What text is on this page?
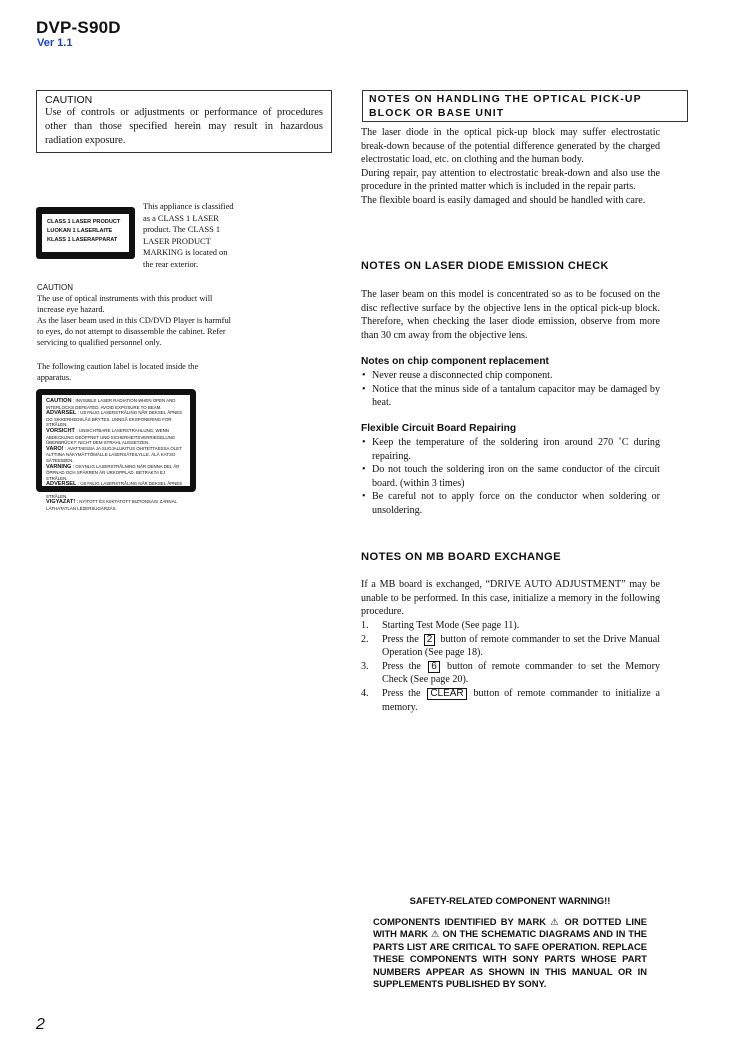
DVP-S90D
Ver 1.1
CAUTION
Use of controls or adjustments or performance of procedures other than those specified herein may result in hazardous radiation exposure.
CLASS 1 LASER PRODUCT
LUOKAN 1 LASERLAITE
KLASS 1 LASERAPPARAT
This appliance is classified as a CLASS 1 LASER product. The CLASS 1 LASER PRODUCT MARKING is located on the rear exterior.
CAUTION
The use of optical instruments with this product will increase eye hazard.
As the laser beam used in this CD/DVD Player is harmful to eyes, do not attempt to disassemble the cabinet. Refer servicing to qualified personnel only.
The following caution label is located inside the apparatus.
CAUTION : INVISIBLE LASER RADIATION WHEN OPEN AND INTERLOCKS DEFEATED. AVOID EXPOSURE TO BEAM.
ADVARSEL : USYNLIG LASERSTRÅLING NÅR DEKSEL ÅPNES OG SIKKERHEDSLÅS BRYTES. UNNGÅ EKSPONERING FOR STRÅLEN.
VORSICHT : UNSICHTBARE LASERSTRAHLUNG, WENN ABDECKUNG GEÖFFNET UND SICHERHEITSVERRIEGELUNG ÜBERBRÜCKT. NICHT DEM STRAHL AUSSETZEN.
VARO! : AVATTAESSA JA SUOJALUKITUS OHITETTAESSA OLET ALTTIINA NÄKYMÄTTÖMÄLLE LASERSÄTEILYLLE. ÄLÄ KATSO SÄTEESEEN.
VARNING : OSYNLIG LASERSTRÅLNING NÄR DENNA DEL ÄR ÖPPNAD OCH SPÄRREN ÄR URKOPPLAD. BETRAKTA EJ STRÅLEN.
ADVERSEL : USYNLIG LASERSTRÅLING NÅR DEKSEL ÅPNES OG SIKKERHEDSLÅS BRYTES. UNNGÅ EKSPONERING FOR STRÅLEN.
VIGYAZAT! : NYITOTT ÉS KIIKTATOTT BIZTONSÁGI ZÁRNÁL LÁTHATATLAN LÉZERSUGÁRZÁS.
NOTES ON HANDLING THE OPTICAL PICK-UP BLOCK OR BASE UNIT

The laser diode in the optical pick-up block may suffer electrostatic break-down because of the potential difference generated by the charged electrostatic load, etc. on clothing and the human body.

During repair, pay attention to electrostatic break-down and also use the procedure in the printed matter which is included in the repair parts.

The flexible board is easily damaged and should be handled with care.

NOTES ON LASER DIODE EMISSION CHECK
The laser beam on this model is concentrated so as to be focused on the disc reflective surface by the objective lens in the optical pick-up block. Therefore, when checking the laser diode emission, observe from more than 30 cm away from the objective lens.
Notes on chip component replacement
• Never reuse a disconnected chip component.
• Notice that the minus side of a tantalum capacitor may be damaged by heat.
Flexible Circuit Board Repairing
• Keep the temperature of the soldering iron around 270 ˚C during repairing.
• Do not touch the soldering iron on the same conductor of the circuit board. (within 3 times)
• Be careful not to apply force on the conductor when soldering or unsoldering.
NOTES ON MB BOARD EXCHANGE
If a MB board is exchanged, “DRIVE AUTO ADJUSTMENT” may be unable to be performed. In this case, initialize a memory in the following procedure.
1. Starting Test Mode (See page 11).
2. Press the 2 button of remote commander to set the Drive Manual Operation (See page 18).
3. Press the 6 button of remote commander to set the Memory Check (See page 20).
4. Press the CLEAR button of remote commander to initialize a memory.
SAFETY-RELATED COMPONENT WARNING!!
COMPONENTS IDENTIFIED BY MARK ⚠ OR DOTTED LINE WITH MARK ⚠ ON THE SCHEMATIC DIAGRAMS AND IN THE PARTS LIST ARE CRITICAL TO SAFE OPERATION. REPLACE THESE COMPONENTS WITH SONY PARTS WHOSE PART NUMBERS APPEAR AS SHOWN IN THIS MANUAL OR IN SUPPLEMENTS PUBLISHED BY SONY.
2
